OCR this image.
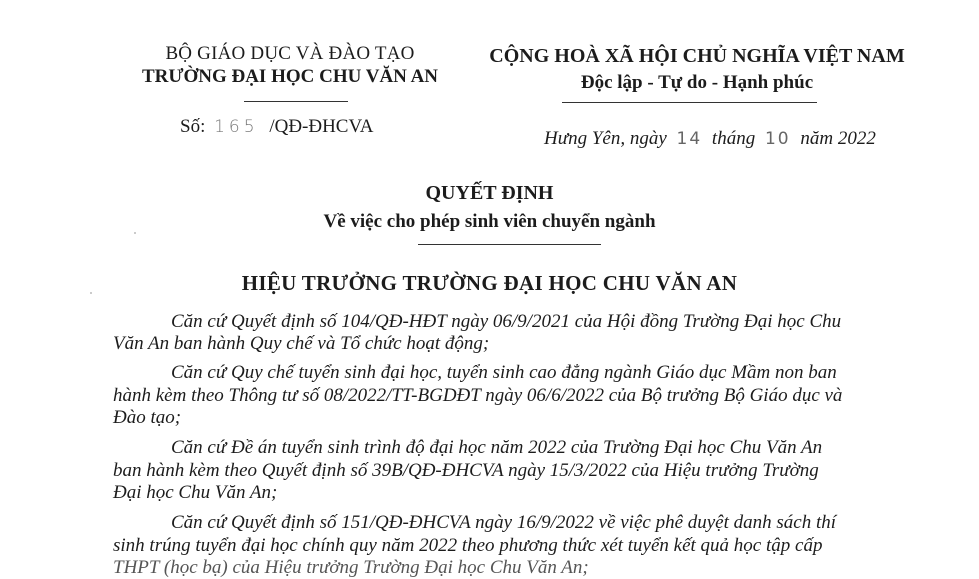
BỘ GIÁO DỤC VÀ ĐÀO TẠO
TRƯỜNG ĐẠI HỌC CHU VĂN AN
Số: 165 /QĐ-ĐHCVA
CỘNG HOÀ XÃ HỘI CHỦ NGHĨA VIỆT NAM
Độc lập - Tự do - Hạnh phúc
Hưng Yên, ngày 14 tháng 10 năm 2022
QUYẾT ĐỊNH
Về việc cho phép sinh viên chuyển ngành
HIỆU TRƯỞNG TRƯỜNG ĐẠI HỌC CHU VĂN AN
Căn cứ Quyết định số 104/QĐ-HĐT ngày 06/9/2021 của Hội đồng Trường Đại học Chu
Văn An ban hành Quy chế và Tổ chức hoạt động;
Căn cứ Quy chế tuyển sinh đại học, tuyển sinh cao đẳng ngành Giáo dục Mầm non ban
hành kèm theo Thông tư số 08/2022/TT-BGDĐT ngày 06/6/2022 của Bộ trưởng Bộ Giáo dục và
Đào tạo;
Căn cứ Đề án tuyển sinh trình độ đại học năm 2022 của Trường Đại học Chu Văn An
ban hành kèm theo Quyết định số 39B/QĐ-ĐHCVA ngày 15/3/2022 của Hiệu trưởng Trường
Đại học Chu Văn An;
Căn cứ Quyết định số 151/QĐ-ĐHCVA ngày 16/9/2022 về việc phê duyệt danh sách thí
sinh trúng tuyển đại học chính quy năm 2022 theo phương thức xét tuyển kết quả học tập cấp
THPT (học bạ) của Hiệu trưởng Trường Đại học Chu Văn An;
